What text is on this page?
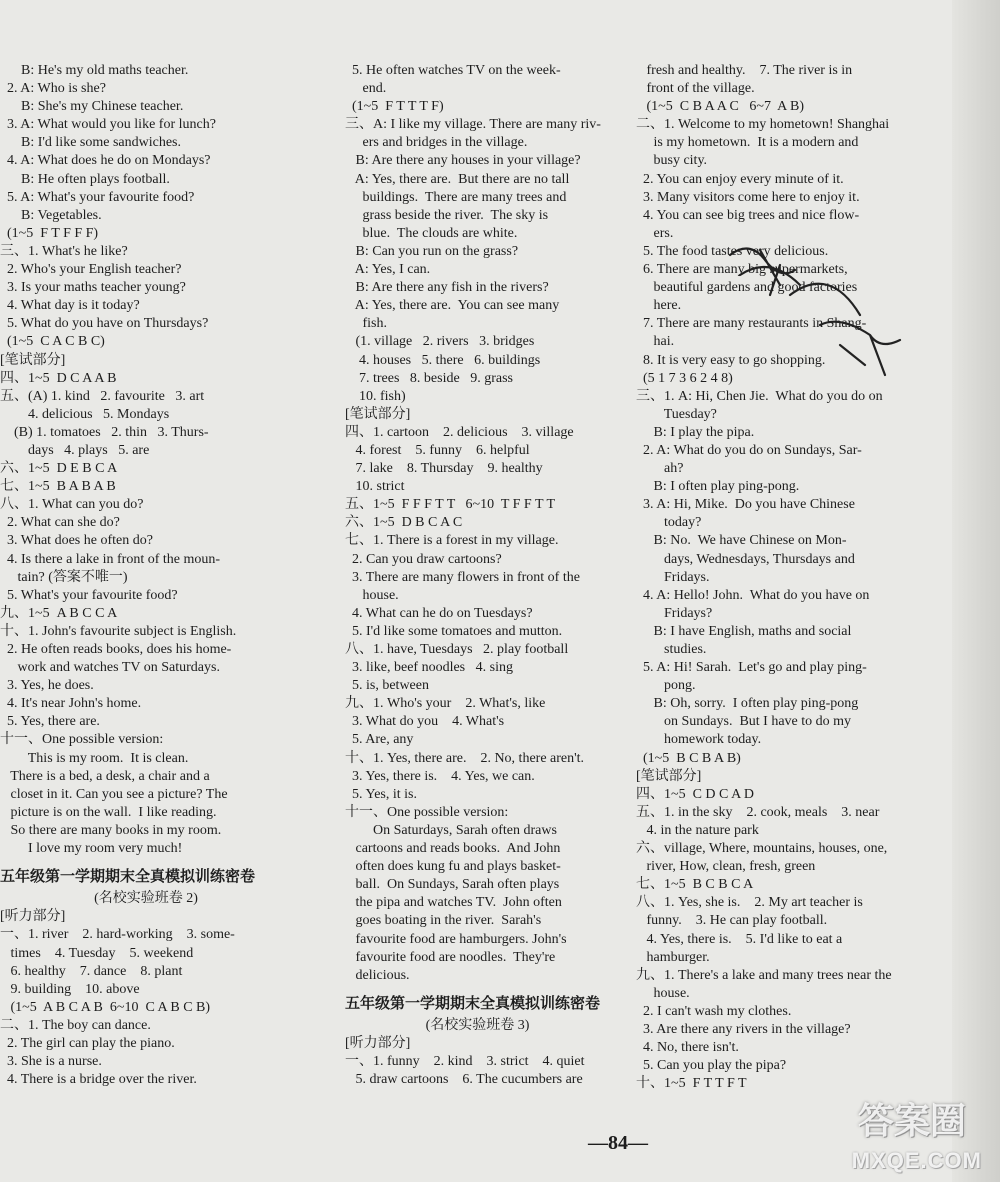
B: He's my old maths teacher.
2. A: Who is she?
B: She's my Chinese teacher.
3. A: What would you like for lunch?
B: I'd like some sandwiches.
4. A: What does he do on Mondays?
B: He often plays football.
5. A: What's your favourite food?
B: Vegetables.
(1~5  F T F F F)
三、1. What's he like?
2. Who's your English teacher?
3. Is your maths teacher young?
4. What day is it today?
5. What do you have on Thursdays?
(1~5  C A C B C)
[笔试部分]
四、1~5  D C A A B
五、(A) 1. kind   2. favourite   3. art
4. delicious   5. Mondays
(B) 1. tomatoes   2. thin   3. Thurs-
days   4. plays   5. are
六、1~5  D E B C A
七、1~5  B A B A B
八、1. What can you do?
2. What can she do?
3. What does he often do?
4. Is there a lake in front of the moun-
tain? (答案不唯一)
5. What's your favourite food?
九、1~5  A B C C A
十、1. John's favourite subject is English.
2. He often reads books, does his home-
work and watches TV on Saturdays.
3. Yes, he does.
4. It's near John's home.
5. Yes, there are.
十一、One possible version:
This is my room.  It is clean.
There is a bed, a desk, a chair and a
closet in it. Can you see a picture? The
picture is on the wall.  I like reading.
So there are many books in my room.
I love my room very much!
五年级第一学期期末全真模拟训练密卷
(名校实验班卷 2)
[听力部分]
一、1. river    2. hard-working    3. some-
times    4. Tuesday    5. weekend
6. healthy    7. dance    8. plant
9. building    10. above
(1~5  A B C A B  6~10  C A B C B)
二、1. The boy can dance.
2. The girl can play the piano.
3. She is a nurse.
4. There is a bridge over the river.
5. He often watches TV on the week-
end.
(1~5  F T T T F)
三、A: I like my village. There are many riv-
ers and bridges in the village.
B: Are there any houses in your village?
A: Yes, there are.  But there are no tall
buildings.  There are many trees and
grass beside the river.  The sky is
blue.  The clouds are white.
B: Can you run on the grass?
A: Yes, I can.
B: Are there any fish in the rivers?
A: Yes, there are.  You can see many
fish.
(1. village   2. rivers   3. bridges
4. houses   5. there   6. buildings
7. trees   8. beside   9. grass
10. fish)
[笔试部分]
四、1. cartoon    2. delicious    3. village
4. forest    5. funny    6. helpful
7. lake    8. Thursday    9. healthy
10. strict
五、1~5  F F F T T   6~10  T F F T T
六、1~5  D B C A C
七、1. There is a forest in my village.
2. Can you draw cartoons?
3. There are many flowers in front of the
house.
4. What can he do on Tuesdays?
5. I'd like some tomatoes and mutton.
八、1. have, Tuesdays   2. play football
3. like, beef noodles   4. sing
5. is, between
九、1. Who's your    2. What's, like
3. What do you    4. What's
5. Are, any
十、1. Yes, there are.    2. No, there aren't.
3. Yes, there is.    4. Yes, we can.
5. Yes, it is.
十一、One possible version:
On Saturdays, Sarah often draws
cartoons and reads books.  And John
often does kung fu and plays basket-
ball.  On Sundays, Sarah often plays
the pipa and watches TV.  John often
goes boating in the river.  Sarah's
favourite food are hamburgers. John's
favourite food are noodles.  They're
delicious.
五年级第一学期期末全真模拟训练密卷
(名校实验班卷 3)
[听力部分]
一、1. funny    2. kind    3. strict    4. quiet
5. draw cartoons    6. The cucumbers are
fresh and healthy.    7. The river is in
front of the village.
(1~5  C B A A C   6~7  A B)
二、1. Welcome to my hometown! Shanghai
is my hometown.  It is a modern and
busy city.
2. You can enjoy every minute of it.
3. Many visitors come here to enjoy it.
4. You can see big trees and nice flow-
ers.
5. The food tastes very delicious.
6. There are many big supermarkets,
beautiful gardens and good factories
here.
7. There are many restaurants in Shang-
hai.
8. It is very easy to go shopping.
(5 1 7 3 6 2 4 8)
三、1. A: Hi, Chen Jie.  What do you do on
Tuesday?
B: I play the pipa.
2. A: What do you do on Sundays, Sar-
ah?
B: I often play ping-pong.
3. A: Hi, Mike.  Do you have Chinese
today?
B: No.  We have Chinese on Mon-
days, Wednesdays, Thursdays and
Fridays.
4. A: Hello! John.  What do you have on
Fridays?
B: I have English, maths and social
studies.
5. A: Hi! Sarah.  Let's go and play ping-
pong.
B: Oh, sorry.  I often play ping-pong
on Sundays.  But I have to do my
homework today.
(1~5  B C B A B)
[笔试部分]
四、1~5  C D C A D
五、1. in the sky    2. cook, meals    3. near
4. in the nature park
六、village, Where, mountains, houses, one,
river, How, clean, fresh, green
七、1~5  B C B C A
八、1. Yes, she is.    2. My art teacher is
funny.    3. He can play football.
4. Yes, there is.    5. I'd like to eat a
hamburger.
九、1. There's a lake and many trees near the
house.
2. I can't wash my clothes.
3. Are there any rivers in the village?
4. No, there isn't.
5. Can you play the pipa?
十、1~5  F T T F T
—84—
答案圈
MXQE.COM
